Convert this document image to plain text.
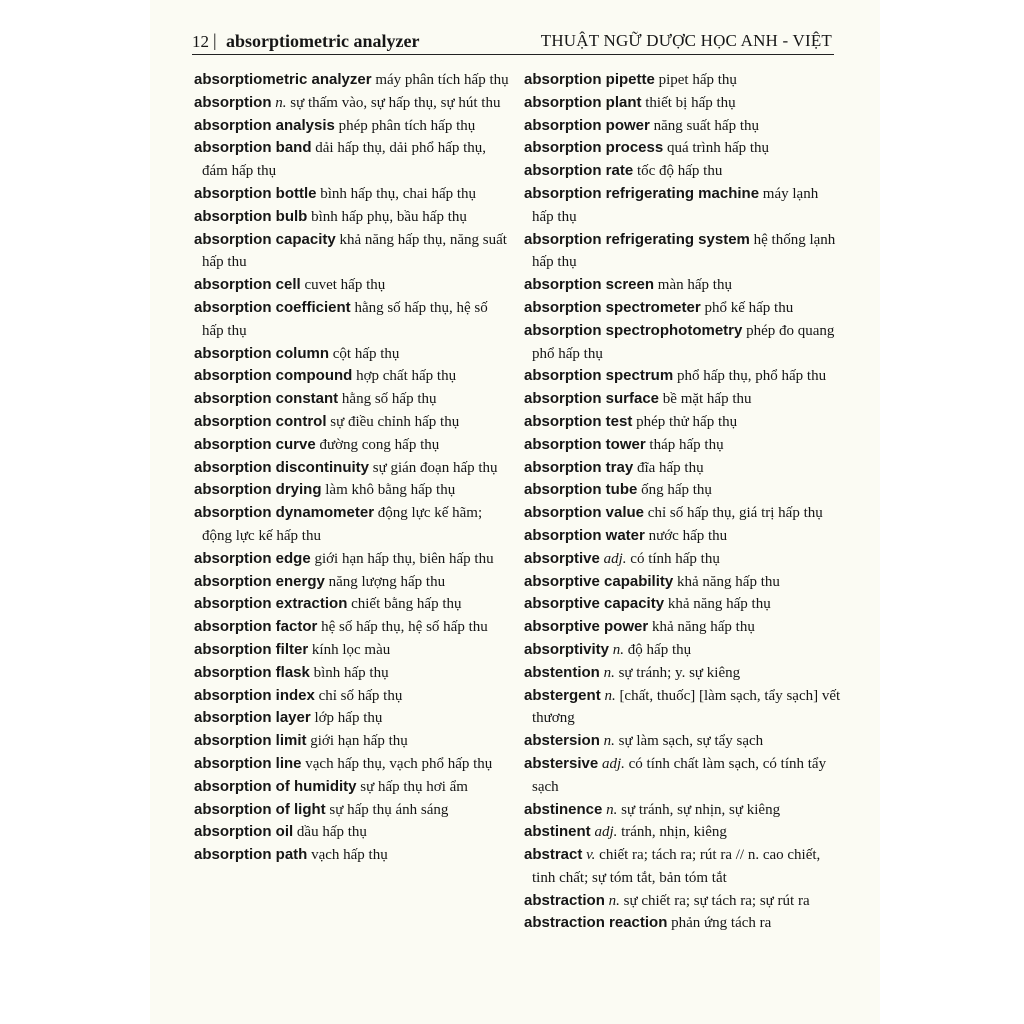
12 | absorptiometric analyzer	THUẬT NGỮ DƯỢC HỌC ANH - VIỆT

absorptiometric analyzer máy phân tích hấp thụ

absorption n. sự thấm vào, sự hấp thụ, sự hút thu

absorption analysis phép phân tích hấp thụ

absorption band dải hấp thụ, dải phổ hấp thụ, đám hấp thụ

absorption bottle bình hấp thụ, chai hấp thụ

absorption bulb bình hấp phụ, bầu hấp thụ

absorption capacity khả năng hấp thụ, năng suất hấp thu

absorption cell cuvet hấp thụ

absorption coefficient hằng số hấp thụ, hệ số hấp thụ

absorption column cột hấp thụ

absorption compound hợp chất hấp thụ

absorption constant hằng số hấp thụ

absorption control sự điều chỉnh hấp thụ

absorption curve đường cong hấp thụ

absorption discontinuity sự gián đoạn hấp thụ

absorption drying làm khô bằng hấp thụ

absorption dynamometer động lực kế hãm; động lực kế hấp thu

absorption edge giới hạn hấp thụ, biên hấp thu

absorption energy năng lượng hấp thu

absorption extraction chiết bằng hấp thụ

absorption factor hệ số hấp thụ, hệ số hấp thu

absorption filter kính lọc màu

absorption flask bình hấp thụ

absorption index chỉ số hấp thụ

absorption layer lớp hấp thụ

absorption limit giới hạn hấp thụ

absorption line vạch hấp thụ, vạch phổ hấp thụ

absorption of humidity sự hấp thụ hơi ẩm

absorption of light sự hấp thụ ánh sáng

absorption oil dầu hấp thụ

absorption path vạch hấp thụ

absorption pipette pipet hấp thụ

absorption plant thiết bị hấp thụ

absorption power năng suất hấp thụ

absorption process quá trình hấp thụ

absorption rate tốc độ hấp thu

absorption refrigerating machine máy lạnh hấp thụ

absorption refrigerating system hệ thống lạnh hấp thụ

absorption screen màn hấp thụ

absorption spectrometer phổ kế hấp thu

absorption spectrophotometry phép đo quang phổ hấp thụ

absorption spectrum phổ hấp thụ, phổ hấp thu

absorption surface bề mặt hấp thu

absorption test phép thử hấp thụ

absorption tower tháp hấp thụ

absorption tray đĩa hấp thụ

absorption tube ống hấp thụ

absorption value chỉ số hấp thụ, giá trị hấp thụ

absorption water nước hấp thu

absorptive adj. có tính hấp thụ

absorptive capability khả năng hấp thu

absorptive capacity khả năng hấp thụ

absorptive power khả năng hấp thụ

absorptivity n. độ hấp thụ

abstention n. sự tránh; y. sự kiêng

abstergent n. [chất, thuốc] [làm sạch, tẩy sạch] vết thương

abstersion n. sự làm sạch, sự tẩy sạch

abstersive adj. có tính chất làm sạch, có tính tẩy sạch

abstinence n. sự tránh, sự nhịn, sự kiêng

abstinent adj. tránh, nhịn, kiêng

abstract v. chiết ra; tách ra; rút ra // n. cao chiết, tinh chất; sự tóm tắt, bản tóm tắt

abstraction n. sự chiết ra; sự tách ra; sự rút ra

abstraction reaction phản ứng tách ra
